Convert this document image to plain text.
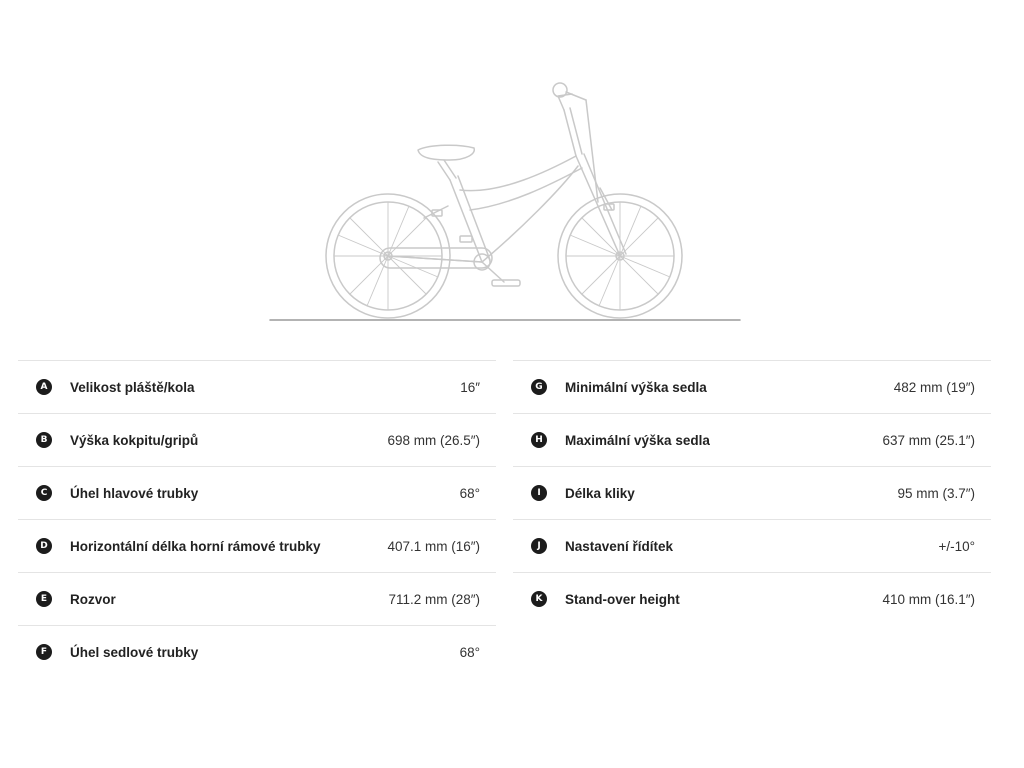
A	Velikost pláště/kola	16″
B	Výška kokpitu/gripů	698 mm (26.5″)
C	Úhel hlavové trubky	68°
D	Horizontální délka horní rámové trubky	407.1 mm (16″)
E	Rozvor	711.2 mm (28″)
F	Úhel sedlové trubky	68°
G	Minimální výška sedla	482 mm (19″)
H	Maximální výška sedla	637 mm (25.1″)
I	Délka kliky	95 mm (3.7″)
J	Nastavení řídítek	+/-10°
K	Stand-over height	410 mm (16.1″)
